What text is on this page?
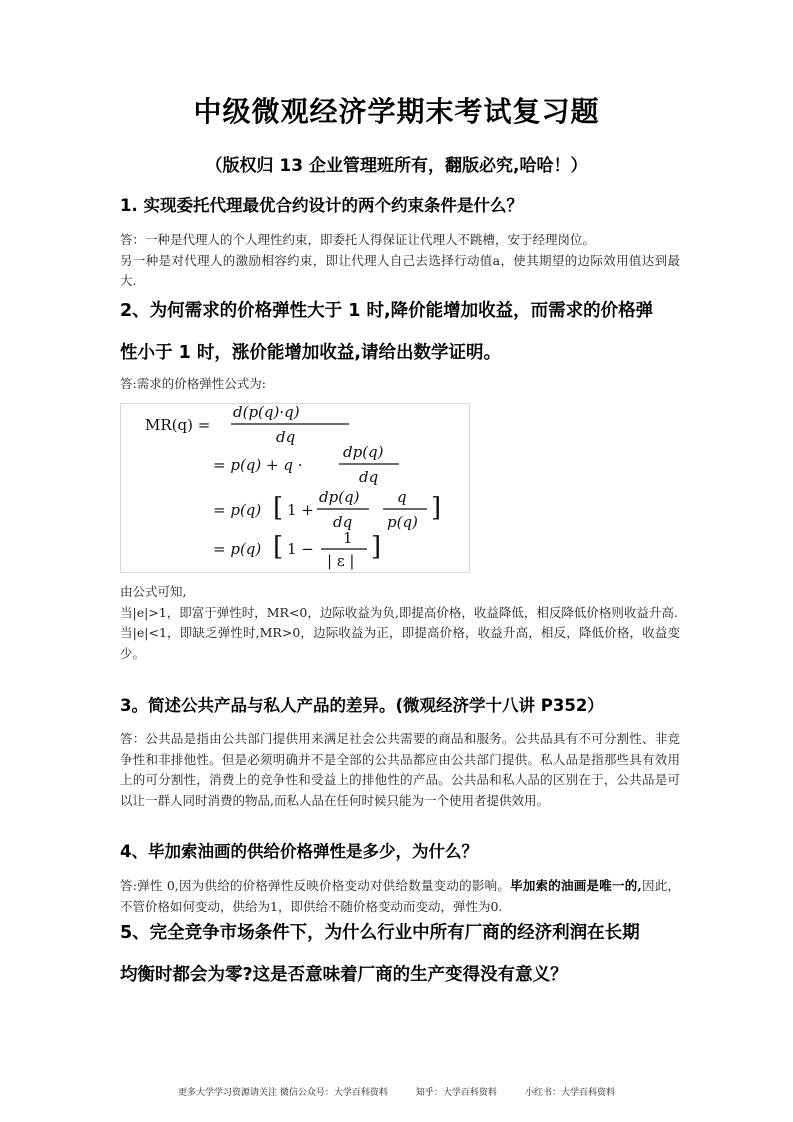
中级微观经济学期末考试复习题

（版权归 13 企业管理班所有，翻版必究,哈哈！）

1. 实现委托代理最优合约设计的两个约束条件是什么？

答：一种是代理人的个人理性约束，即委托人得保证让代理人不跳槽，安于经理岗位。
另一种是对代理人的激励相容约束，即让代理人自己去选择行动值a，使其期望的边际效用值达到最大.
2、为何需求的价格弹性大于 1 时,降价能增加收益，而需求的价格弹
性小于 1 时，涨价能增加收益,请给出数学证明。

答:需求的价格弹性公式为:

MR(q) =
d(p(q)·q)
dq
= p(q) + q ·
dp(q)
dq
= p(q) [ 1 +
dp(q)
dq
q
p(q) ]
= p(q) [ 1 −
1
| ε | ]
由公式可知,
当|e|>1，即富于弹性时，MR<0，边际收益为负,即提高价格，收益降低，相反降低价格则收益升高.
当|e|<1，即缺乏弹性时,MR>0，边际收益为正，即提高价格，收益升高，相反，降低价格，收益变少。

3。简述公共产品与私人产品的差异。(微观经济学十八讲 P352）

答：公共品是指由公共部门提供用来满足社会公共需要的商品和服务。公共品具有不可分割性、非竞争性和非排他性。但是必须明确并不是全部的公共品都应由公共部门提供。私人品是指那些具有效用上的可分割性，消费上的竞争性和受益上的排他性的产品。公共品和私人品的区别在于，公共品是可以让一群人同时消费的物品,而私人品在任何时候只能为一个使用者提供效用。

4、毕加索油画的供给价格弹性是多少，为什么？

答:弹性 0,因为供给的价格弹性反映价格变动对供给数量变动的影响。毕加索的油画是唯一的,因此，不管价格如何变动，供给为1，即供给不随价格变动而变动，弹性为0.

5、完全竞争市场条件下，为什么行业中所有厂商的经济利润在长期
均衡时都会为零?这是否意味着厂商的生产变得没有意义？
更多大学学习资源请关注 微信公众号：大学百科资料	知乎：大学百科资料	小红书：大学百科资料
